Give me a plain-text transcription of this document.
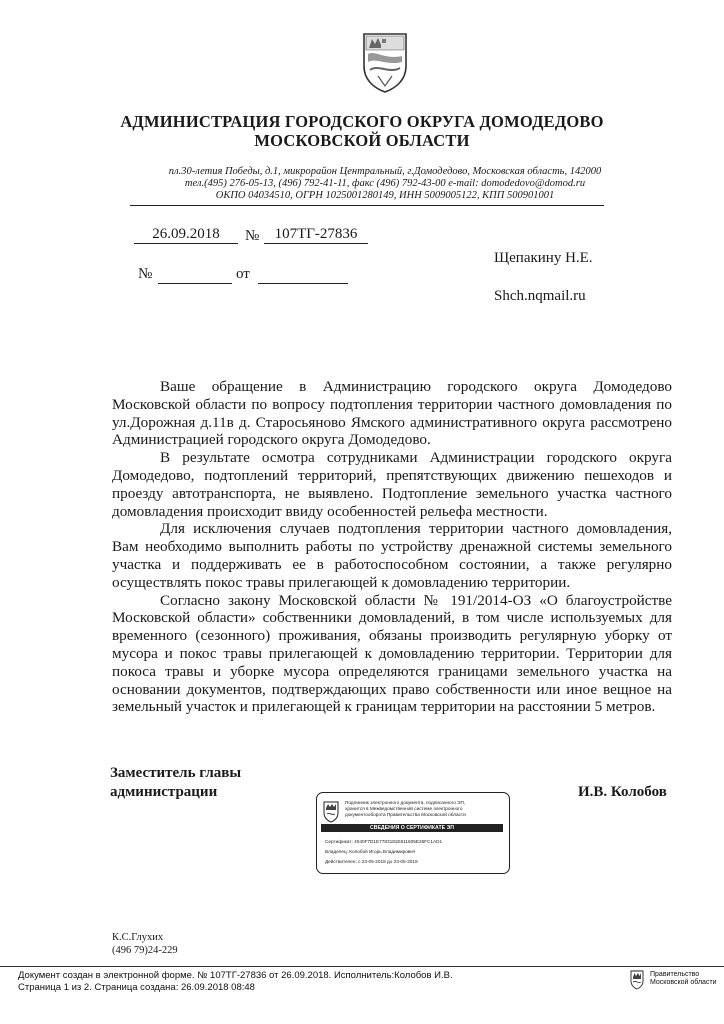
АДМИНИСТРАЦИЯ ГОРОДСКОГО ОКРУГА ДОМОДЕДОВО
МОСКОВСКОЙ ОБЛАСТИ
пл.30-летия Победы, д.1, микрорайон Центральный, г.Домодедово, Московская область, 142000
тел.(495) 276-05-13, (496) 792-41-11, факс (496) 792-43-00 e-mail: domodedovo@domod.ru
ОКПО 04034510, ОГРН 1025001280149, ИНН 5009005122, КПП 500901001
26.09.2018	№	107ТГ-27836
№	от
Щепакину Н.Е.
Shch.nqmail.ru

Ваше обращение в Администрацию городского округа Домодедово Московской области по вопросу подтопления территории частного домовладения по ул.Дорожная д.11в д. Старосьяново Ямского административного округа рассмотрено Администрацией городского округа Домодедово.

В результате осмотра сотрудниками Администрации городского округа Домодедово, подтоплений территорий, препятствующих движению пешеходов и проезду автотранспорта, не выявлено. Подтопление земельного участка частного домовладения происходит ввиду особенностей рельефа местности.

Для исключения случаев подтопления территории частного домовладения, Вам необходимо выполнить работы по устройству дренажной системы земельного участка и поддерживать ее в работоспособном состоянии, а также регулярно осуществлять покос травы прилегающей к домовладению территории.

Согласно закону Московской области № 191/2014-ОЗ «О благоустройстве Московской области» собственники домовладений, в том числе используемых для временного (сезонного) проживания, обязаны производить регулярную уборку от мусора и покос травы прилегающей к домовладению территории. Территории для покоса травы и уборке мусора определяются границами земельного участка на основании документов, подтверждающих право собственности или иное вещное на земельный участок и прилегающей к границам территории на расстоянии 5 метров.

Заместитель главы
администрации	И.В. Колобов
Подлинник электронного документа, подписанного ЭП,
хранится в Межведомственной системе электронного
документооборота Правительства Московской области
СВЕДЕНИЯ О СЕРТИФИКАТЕ ЭП
Сертификат: 4040F7D1E7783181E811605E26FC1AD1
Владелец: Колобов Игорь Владимирович
Действителен: с 23-05-2018 до 23-05-2019
К.С.Глухих
(496 79)24-229
Документ создан в электронной форме. № 107ТГ-27836 от 26.09.2018. Исполнитель:Колобов И.В.
Страница 1 из 2. Страница создана: 26.09.2018 08:48
Правительство
Московской области
